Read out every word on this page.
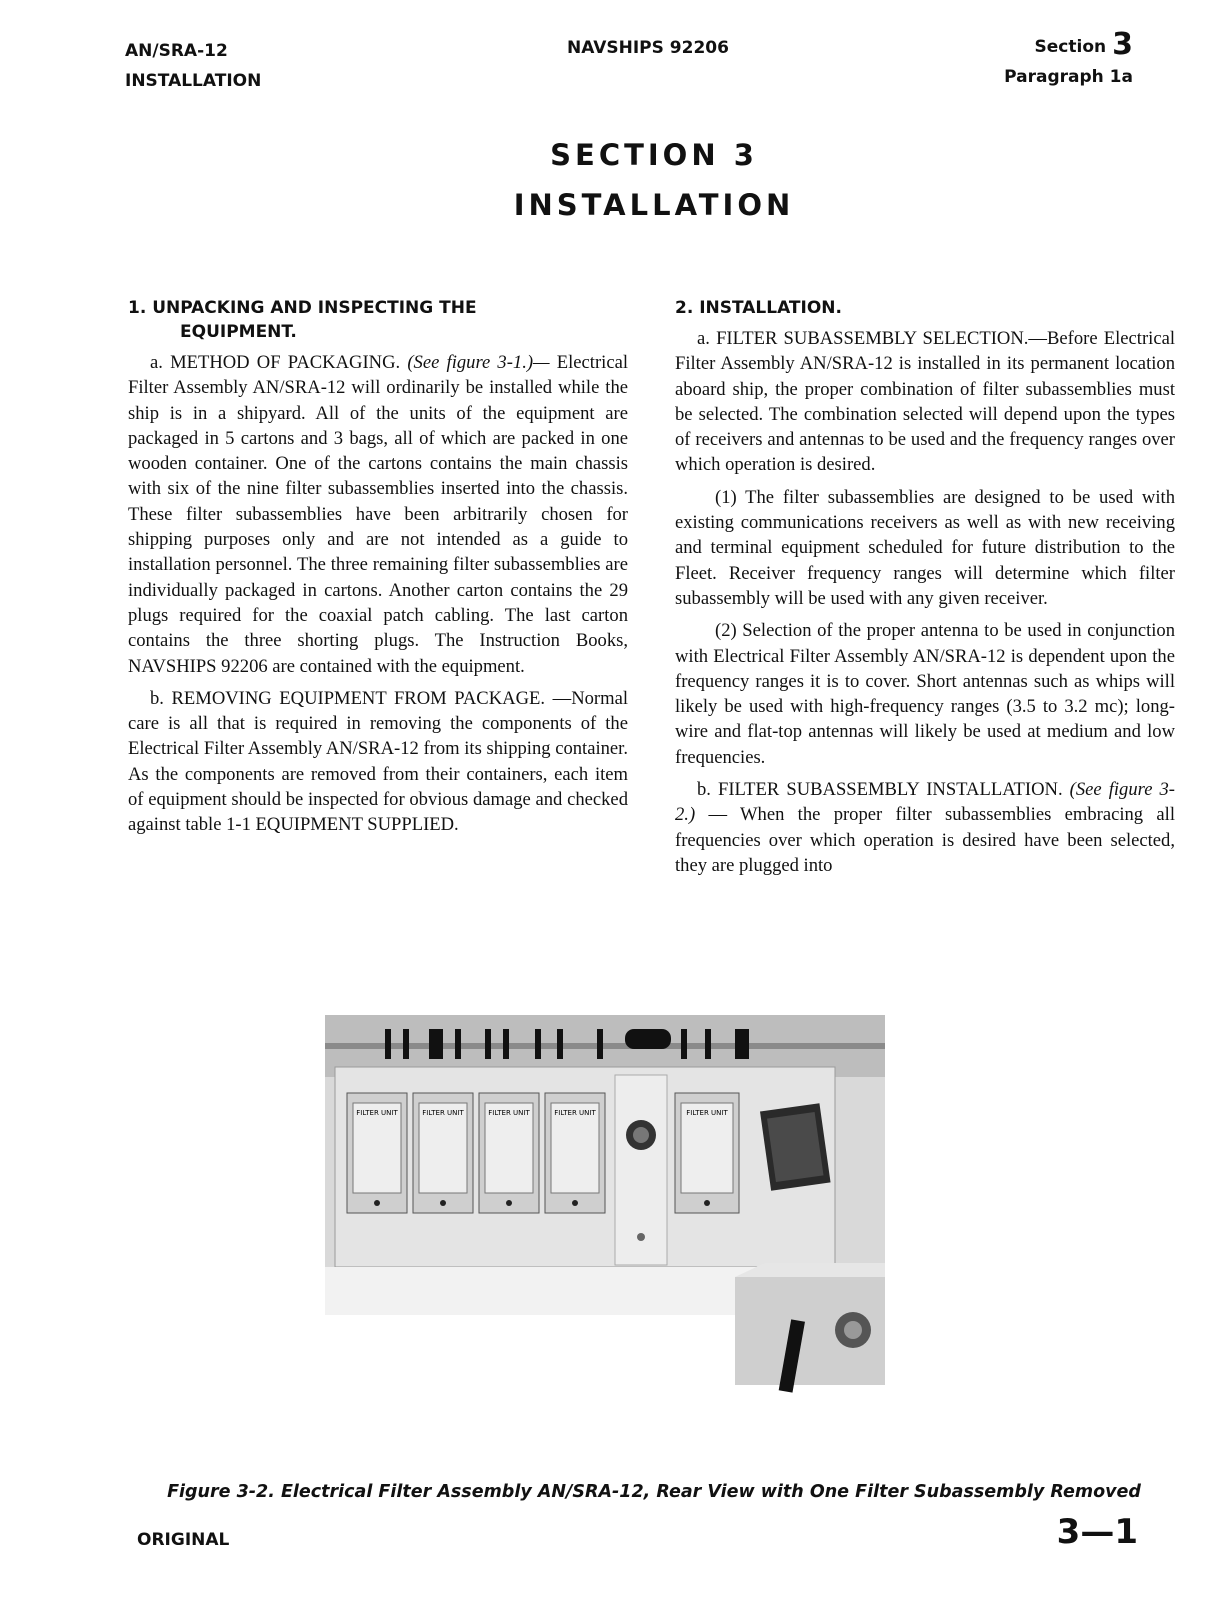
AN/SRA-12
INSTALLATION
NAVSHIPS 92206	Section 3
Paragraph 1a
SECTION 3
INSTALLATION
1. UNPACKING AND INSPECTING THE
EQUIPMENT.

a. METHOD OF PACKAGING. (See figure 3-1.)— Electrical Filter Assembly AN/SRA-12 will ordinarily be installed while the ship is in a shipyard. All of the units of the equipment are packaged in 5 cartons and 3 bags, all of which are packed in one wooden container. One of the cartons contains the main chassis with six of the nine filter subassemblies inserted into the chassis. These filter subassemblies have been arbitrarily chosen for shipping purposes only and are not intended as a guide to installation personnel. The three remaining filter subassemblies are individually packaged in cartons. Another carton contains the 29 plugs required for the coaxial patch cabling. The last carton contains the three shorting plugs. The Instruction Books, NAVSHIPS 92206 are contained with the equipment.

b. REMOVING EQUIPMENT FROM PACKAGE. —Normal care is all that is required in removing the components of the Electrical Filter Assembly AN/SRA-12 from its shipping container. As the components are removed from their containers, each item of equipment should be inspected for obvious damage and checked against table 1-1 EQUIPMENT SUPPLIED.

2. INSTALLATION.

a. FILTER SUBASSEMBLY SELECTION.—Before Electrical Filter Assembly AN/SRA-12 is installed in its permanent location aboard ship, the proper combination of filter subassemblies must be selected. The combination selected will depend upon the types of receivers and antennas to be used and the frequency ranges over which operation is desired.

(1) The filter subassemblies are designed to be used with existing communications receivers as well as with new receiving and terminal equipment scheduled for future distribution to the Fleet. Receiver frequency ranges will determine which filter subassembly will be used with any given receiver.

(2) Selection of the proper antenna to be used in conjunction with Electrical Filter Assembly AN/SRA-12 is dependent upon the frequency ranges it is to cover. Short antennas such as whips will likely be used with high-frequency ranges (3.5 to 3.2 mc); long-wire and flat-top antennas will likely be used at medium and low frequencies.

b. FILTER SUBASSEMBLY INSTALLATION. (See figure 3-2.) — When the proper filter subassemblies embracing all frequencies over which operation is desired have been selected, they are plugged into

FILTER UNIT	FILTER UNIT	FILTER UNIT	FILTER UNIT	FILTER UNIT
Figure 3-2. Electrical Filter Assembly AN/SRA-12, Rear View with One Filter Subassembly Removed
ORIGINAL	3—1
